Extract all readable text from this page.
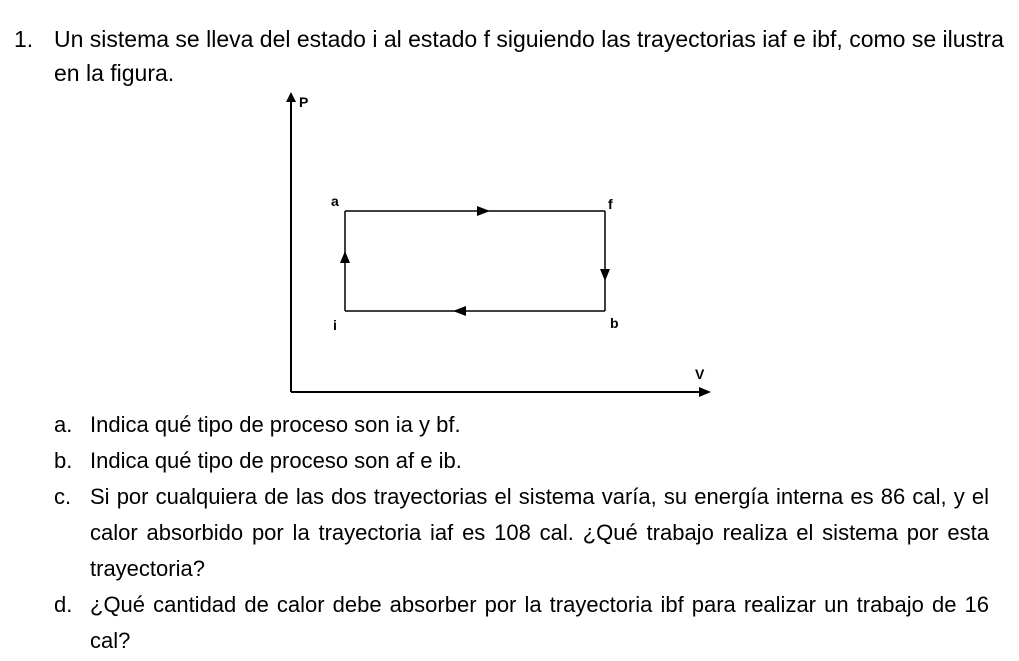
1. Un sistema se lleva del estado i al estado f siguiendo las trayectorias iaf e ibf, como se ilustra en la figura.
P
V
a	f
i	b
a. Indica qué tipo de proceso son ia y bf.
b. Indica qué tipo de proceso son af e ib.
c. Si por cualquiera de las dos trayectorias el sistema varía, su energía interna es 86 cal, y el calor absorbido por la trayectoria iaf es 108 cal. ¿Qué trabajo realiza el sistema por esta trayectoria?
d. ¿Qué cantidad de calor debe absorber por la trayectoria ibf para realizar un trabajo de 16 cal?
